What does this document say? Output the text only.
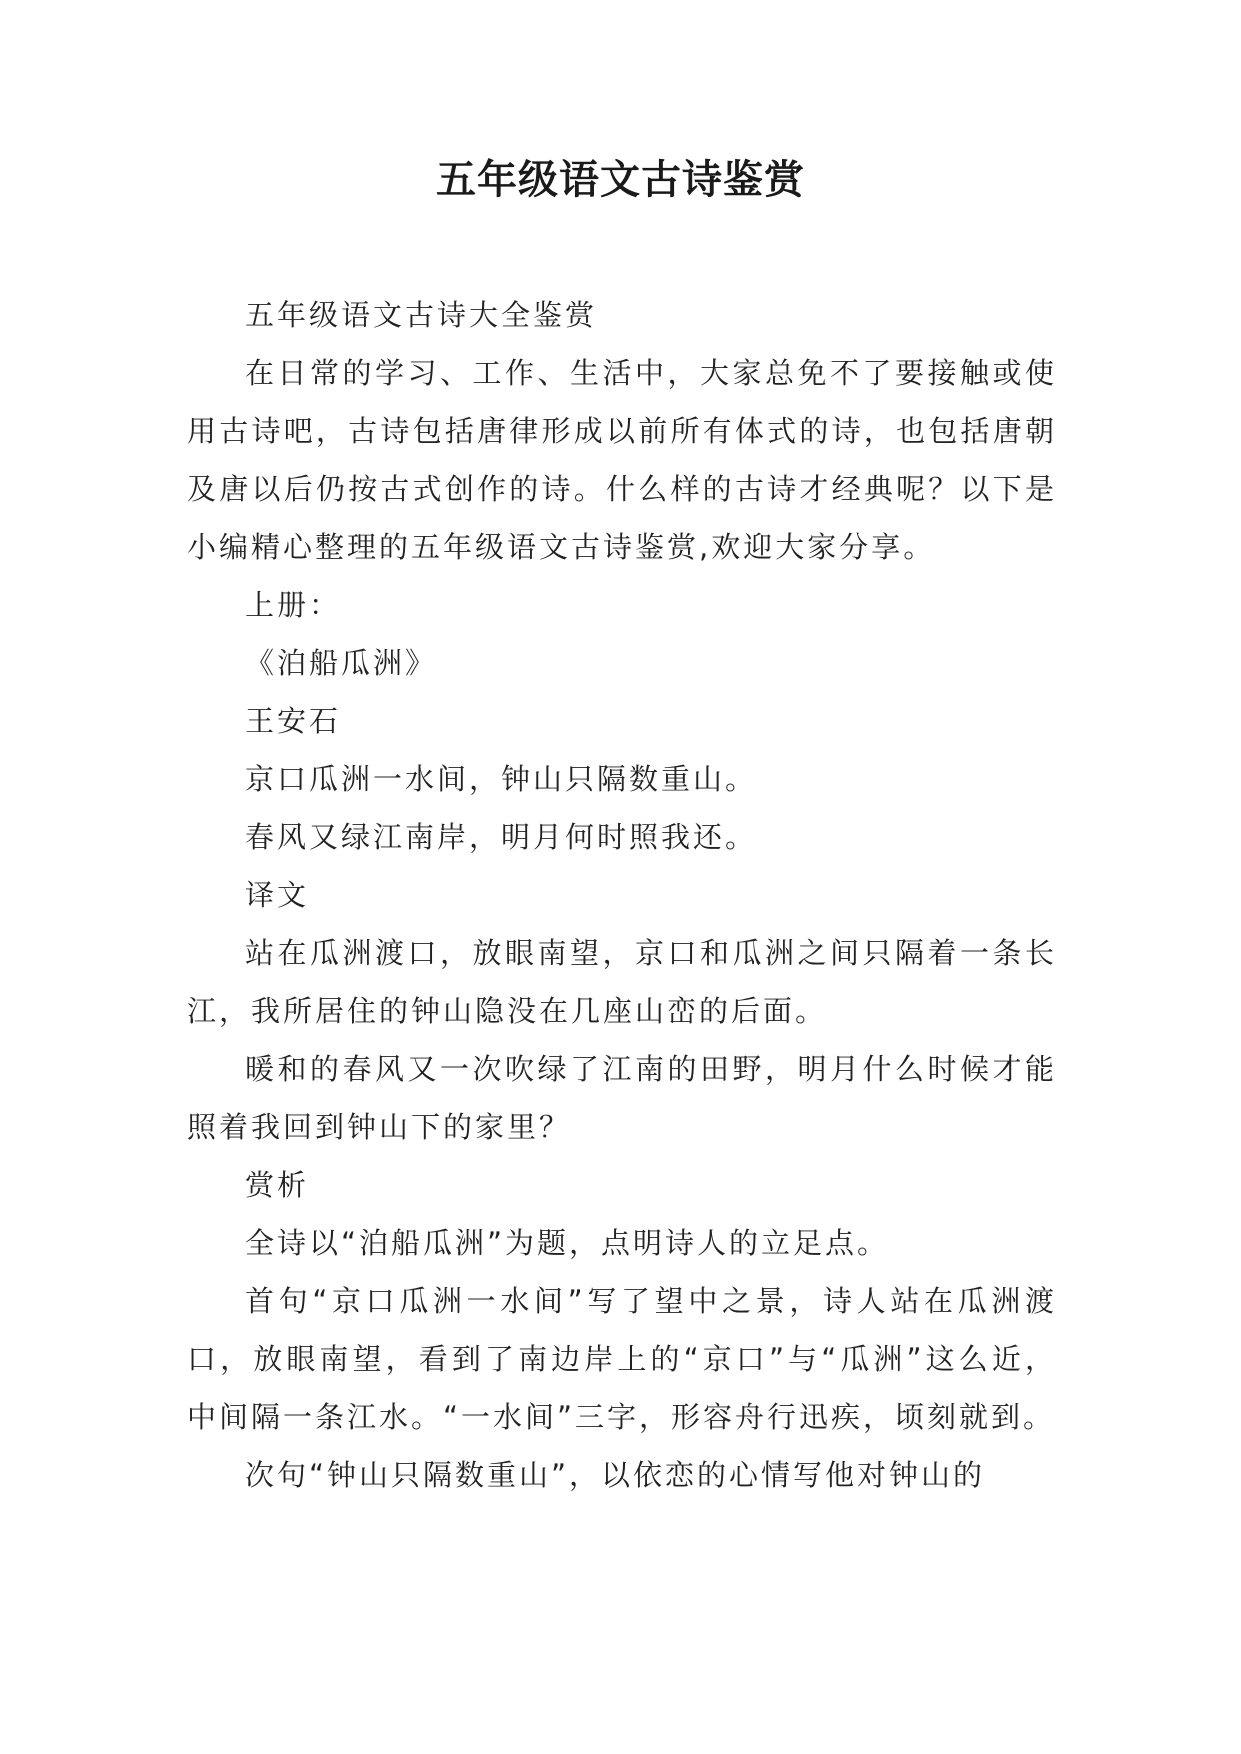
五年级语文古诗鉴赏

五年级语文古诗大全鉴赏

在日常的学习、工作、生活中，大家总免不了要接触或使用古诗吧，古诗包括唐律形成以前所有体式的诗，也包括唐朝及唐以后仍按古式创作的诗。什么样的古诗才经典呢？以下是小编精心整理的五年级语文古诗鉴赏,欢迎大家分享。

上册：

《泊船瓜洲》

王安石

京口瓜洲一水间，钟山只隔数重山。

春风又绿江南岸，明月何时照我还。

译文

站在瓜洲渡口，放眼南望，京口和瓜洲之间只隔着一条长江，我所居住的钟山隐没在几座山峦的后面。

暖和的春风又一次吹绿了江南的田野，明月什么时候才能照着我回到钟山下的家里？

赏析

全诗以“泊船瓜洲”为题，点明诗人的立足点。

首句“京口瓜洲一水间”写了望中之景，诗人站在瓜洲渡口，放眼南望，看到了南边岸上的“京口”与“瓜洲”这么近，中间隔一条江水。“一水间”三字，形容舟行迅疾，顷刻就到。

次句“钟山只隔数重山”，以依恋的心情写他对钟山的
